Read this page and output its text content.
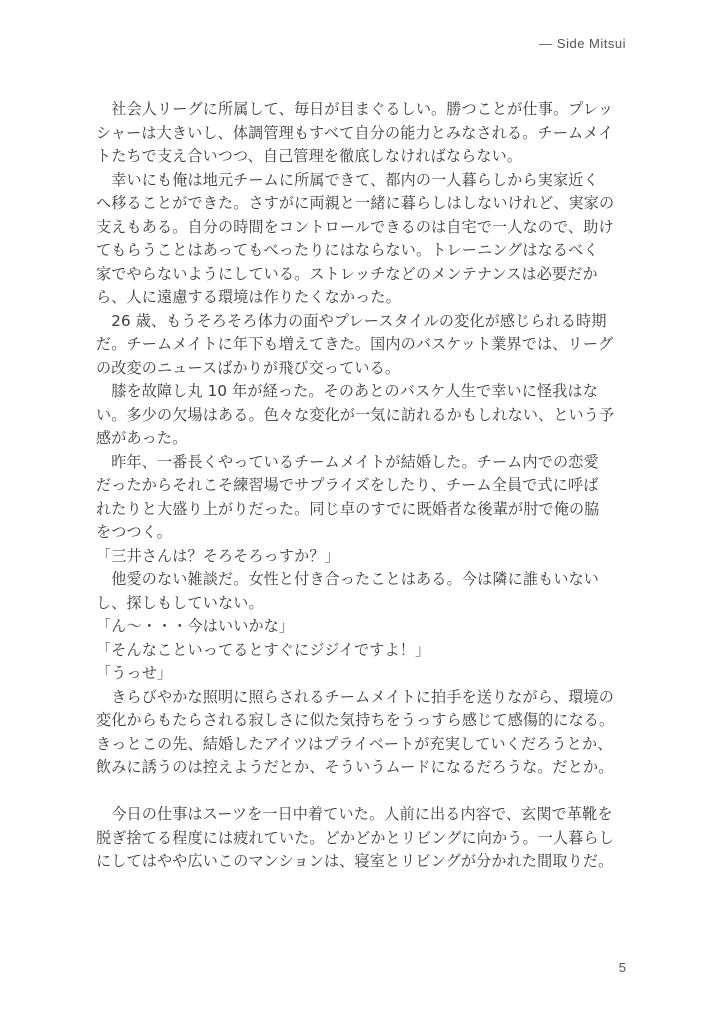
— Side Mitsui
　社会人リーグに所属して、毎日が目まぐるしい。勝つことが仕事。プレッ
シャーは大きいし、体調管理もすべて自分の能力とみなされる。チームメイ
トたちで支え合いつつ、自己管理を徹底しなければならない。
　幸いにも俺は地元チームに所属できて、都内の一人暮らしから実家近く
へ移ることができた。さすがに両親と一緒に暮らしはしないけれど、実家の
支えもある。自分の時間をコントロールできるのは自宅で一人なので、助け
てもらうことはあってもべったりにはならない。トレーニングはなるべく
家でやらないようにしている。ストレッチなどのメンテナンスは必要だか
ら、人に遠慮する環境は作りたくなかった。
　26 歳、もうそろそろ体力の面やプレースタイルの変化が感じられる時期
だ。チームメイトに年下も増えてきた。国内のバスケット業界では、リーグ
の改変のニュースばかりが飛び交っている。
　膝を故障し丸 10 年が経った。そのあとのバスケ人生で幸いに怪我はな
い。多少の欠場はある。色々な変化が一気に訪れるかもしれない、という予
感があった。
　昨年、一番長くやっているチームメイトが結婚した。チーム内での恋愛
だったからそれこそ練習場でサプライズをしたり、チーム全員で式に呼ば
れたりと大盛り上がりだった。同じ卓のすでに既婚者な後輩が肘で俺の脇
をつつく。
「三井さんは？そろそろっすか？」
　他愛のない雑談だ。女性と付き合ったことはある。今は隣に誰もいない
し、探しもしていない。
「ん〜・・・今はいいかな」
「そんなこといってるとすぐにジジイですよ！」
「うっせ」
　きらびやかな照明に照らされるチームメイトに拍手を送りながら、環境の
変化からもたらされる寂しさに似た気持ちをうっすら感じて感傷的になる。
きっとこの先、結婚したアイツはプライベートが充実していくだろうとか、
飲みに誘うのは控えようだとか、そういうムードになるだろうな。だとか。
　今日の仕事はスーツを一日中着ていた。人前に出る内容で、玄関で革靴を
脱ぎ捨てる程度には疲れていた。どかどかとリビングに向かう。一人暮らし
にしてはやや広いこのマンションは、寝室とリビングが分かれた間取りだ。
5
